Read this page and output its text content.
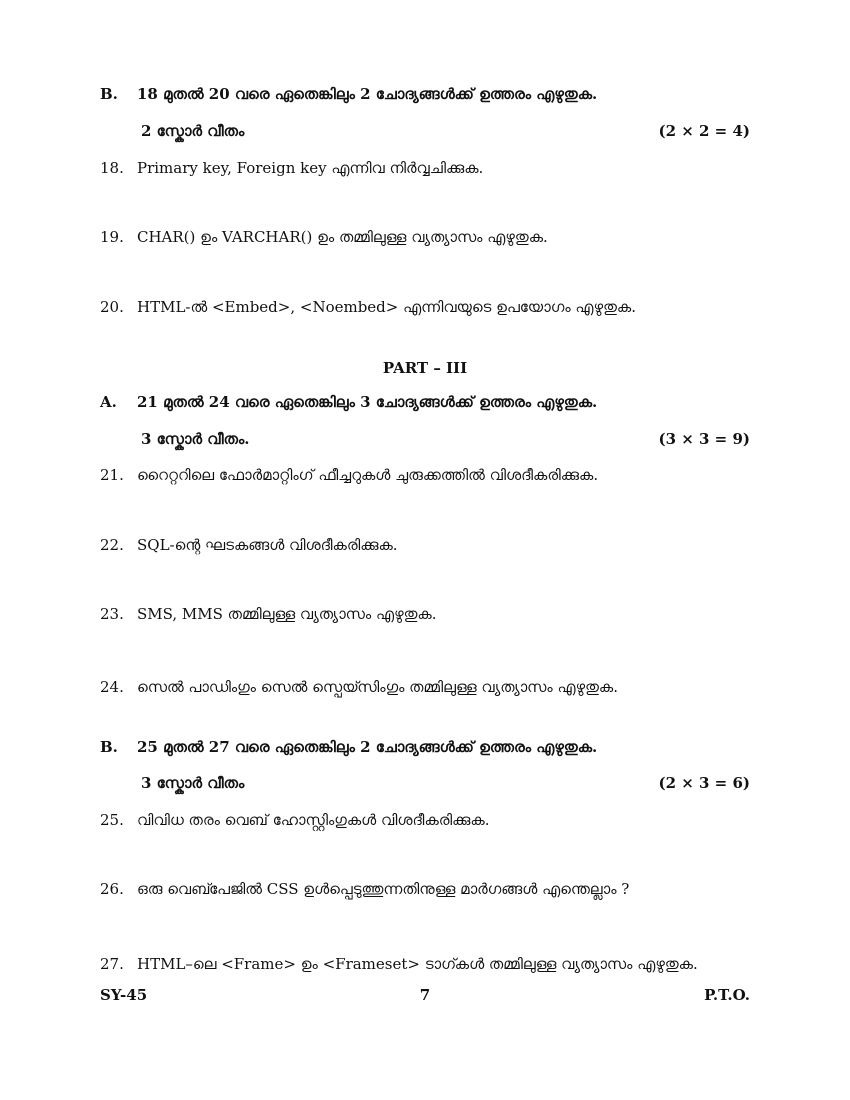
B. 18 മുതൽ 20 വരെ ഏതെങ്കിലും 2 ചോദ്യങ്ങൾക്ക് ഉത്തരം എഴുതുക.
2 സ്കോർ വീതം	(2 × 2 = 4)
18. Primary key, Foreign key എന്നിവ നിർവ്വചിക്കുക.
19. CHAR() ഉം VARCHAR() ഉം തമ്മിലുള്ള വ്യത്യാസം എഴുതുക.
20. HTML-ൽ <Embed>, <Noembed> എന്നിവയുടെ ഉപയോഗം എഴുതുക.
PART – III
A. 21 മുതൽ 24 വരെ ഏതെങ്കിലും 3 ചോദ്യങ്ങൾക്ക് ഉത്തരം എഴുതുക.
3 സ്കോർ വീതം.	(3 × 3 = 9)
21. റൈറ്ററിലെ ഫോർമാറ്റിംഗ് ഫീച്ചറുകൾ ചുരുക്കത്തിൽ വിശദീകരിക്കുക.
22. SQL-ന്റെ ഘടകങ്ങൾ വിശദീകരിക്കുക.
23. SMS, MMS തമ്മിലുള്ള വ്യത്യാസം എഴുതുക.
24. സെൽ പാഡിംഗും സെൽ സ്പെയ്സിംഗും തമ്മിലുള്ള വ്യത്യാസം എഴുതുക.
B. 25 മുതൽ 27 വരെ ഏതെങ്കിലും 2 ചോദ്യങ്ങൾക്ക് ഉത്തരം എഴുതുക.
3 സ്കോർ വീതം	(2 × 3 = 6)
25. വിവിധ തരം വെബ് ഹോസ്റ്റിംഗുകൾ വിശദീകരിക്കുക.
26. ഒരു വെബ്പേജിൽ CSS ഉൾപ്പെടുത്തുന്നതിനുള്ള മാർഗങ്ങൾ എന്തെല്ലാം ?
27. HTML–ലെ <Frame> ഉം <Frameset> ടാഗ്കൾ തമ്മിലുള്ള വ്യത്യാസം എഴുതുക.
SY-45	7	P.T.O.
